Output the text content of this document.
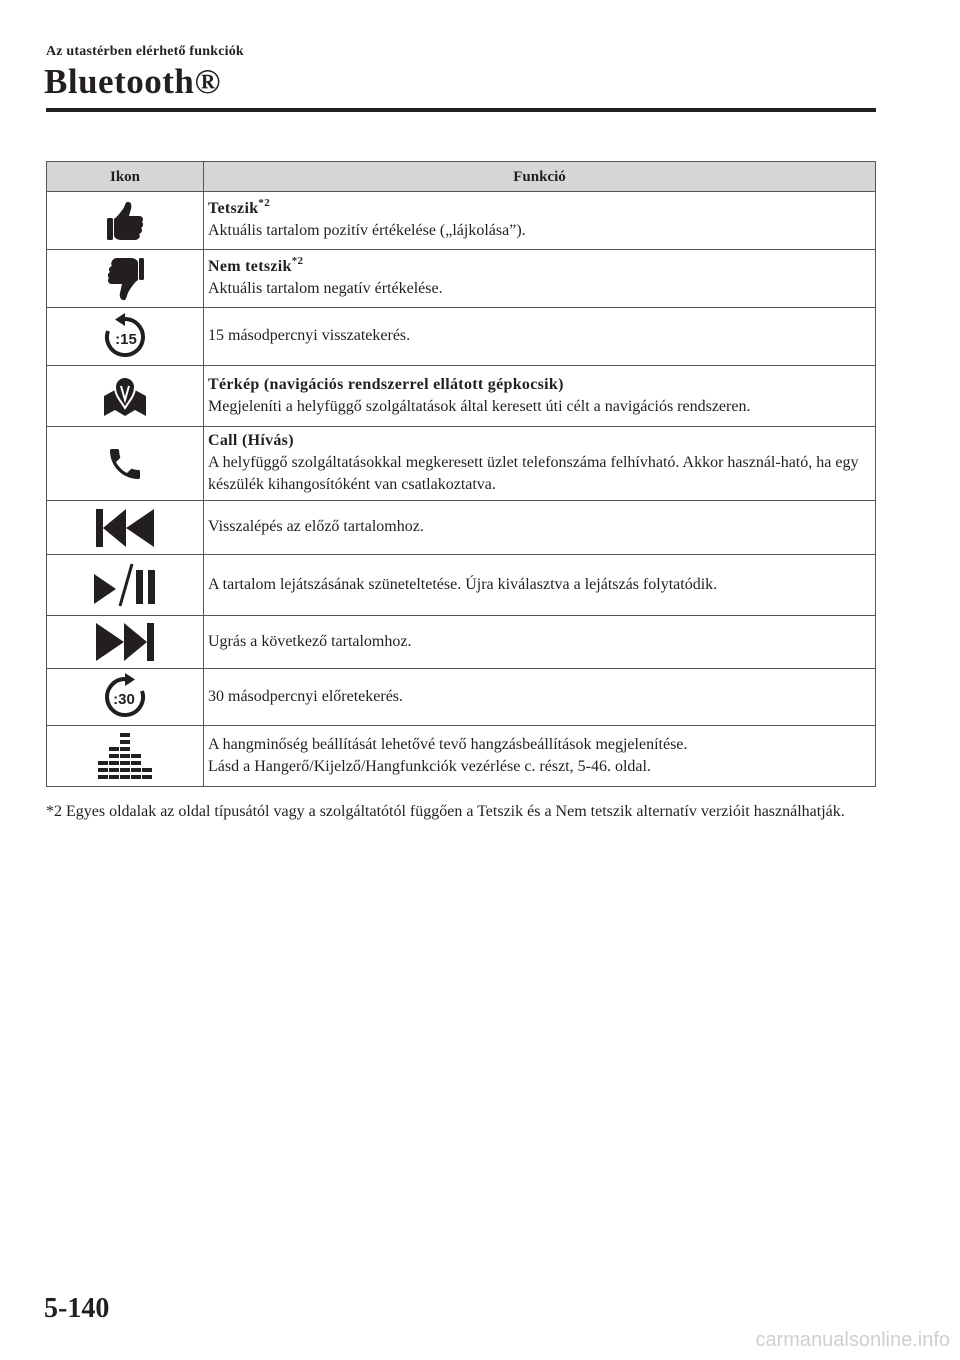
Az utastérben elérhető funkciók
Bluetooth®
Ikon	Funkció

Tetszik$^{*2}$
Aktuális tartalom pozitív értékelése („lájkolása”).

Nem tetszik$^{*2}$
Aktuális tartalom negatív értékelése.

:15	15 másodpercnyi visszatekerés.

Térkép (navigációs rendszerrel ellátott gépkocsik)
Megjeleníti a helyfüggő szolgáltatások által keresett úti célt a navigációs rendszeren.

Call (Hívás)
A helyfüggő szolgáltatásokkal megkeresett üzlet telefonszáma felhívható. Akkor használ-ható, ha egy készülék kihangosítóként van csatlakoztatva.

Visszalépés az előző tartalomhoz.

A tartalom lejátszásának szüneteltetése. Újra kiválasztva a lejátszás folytatódik.

Ugrás a következő tartalomhoz.

:30	30 másodpercnyi előretekerés.

A hangminőség beállítását lehetővé tevő hangzásbeállítások megjelenítése.
Lásd a Hangerő/Kijelző/Hangfunkciók vezérlése c. részt, 5-46. oldal.
*2 Egyes oldalak az oldal típusától vagy a szolgáltatótól függően a Tetszik és a Nem tetszik alternatív verzióit használhatják.
5-140
carmanualsonline.info
